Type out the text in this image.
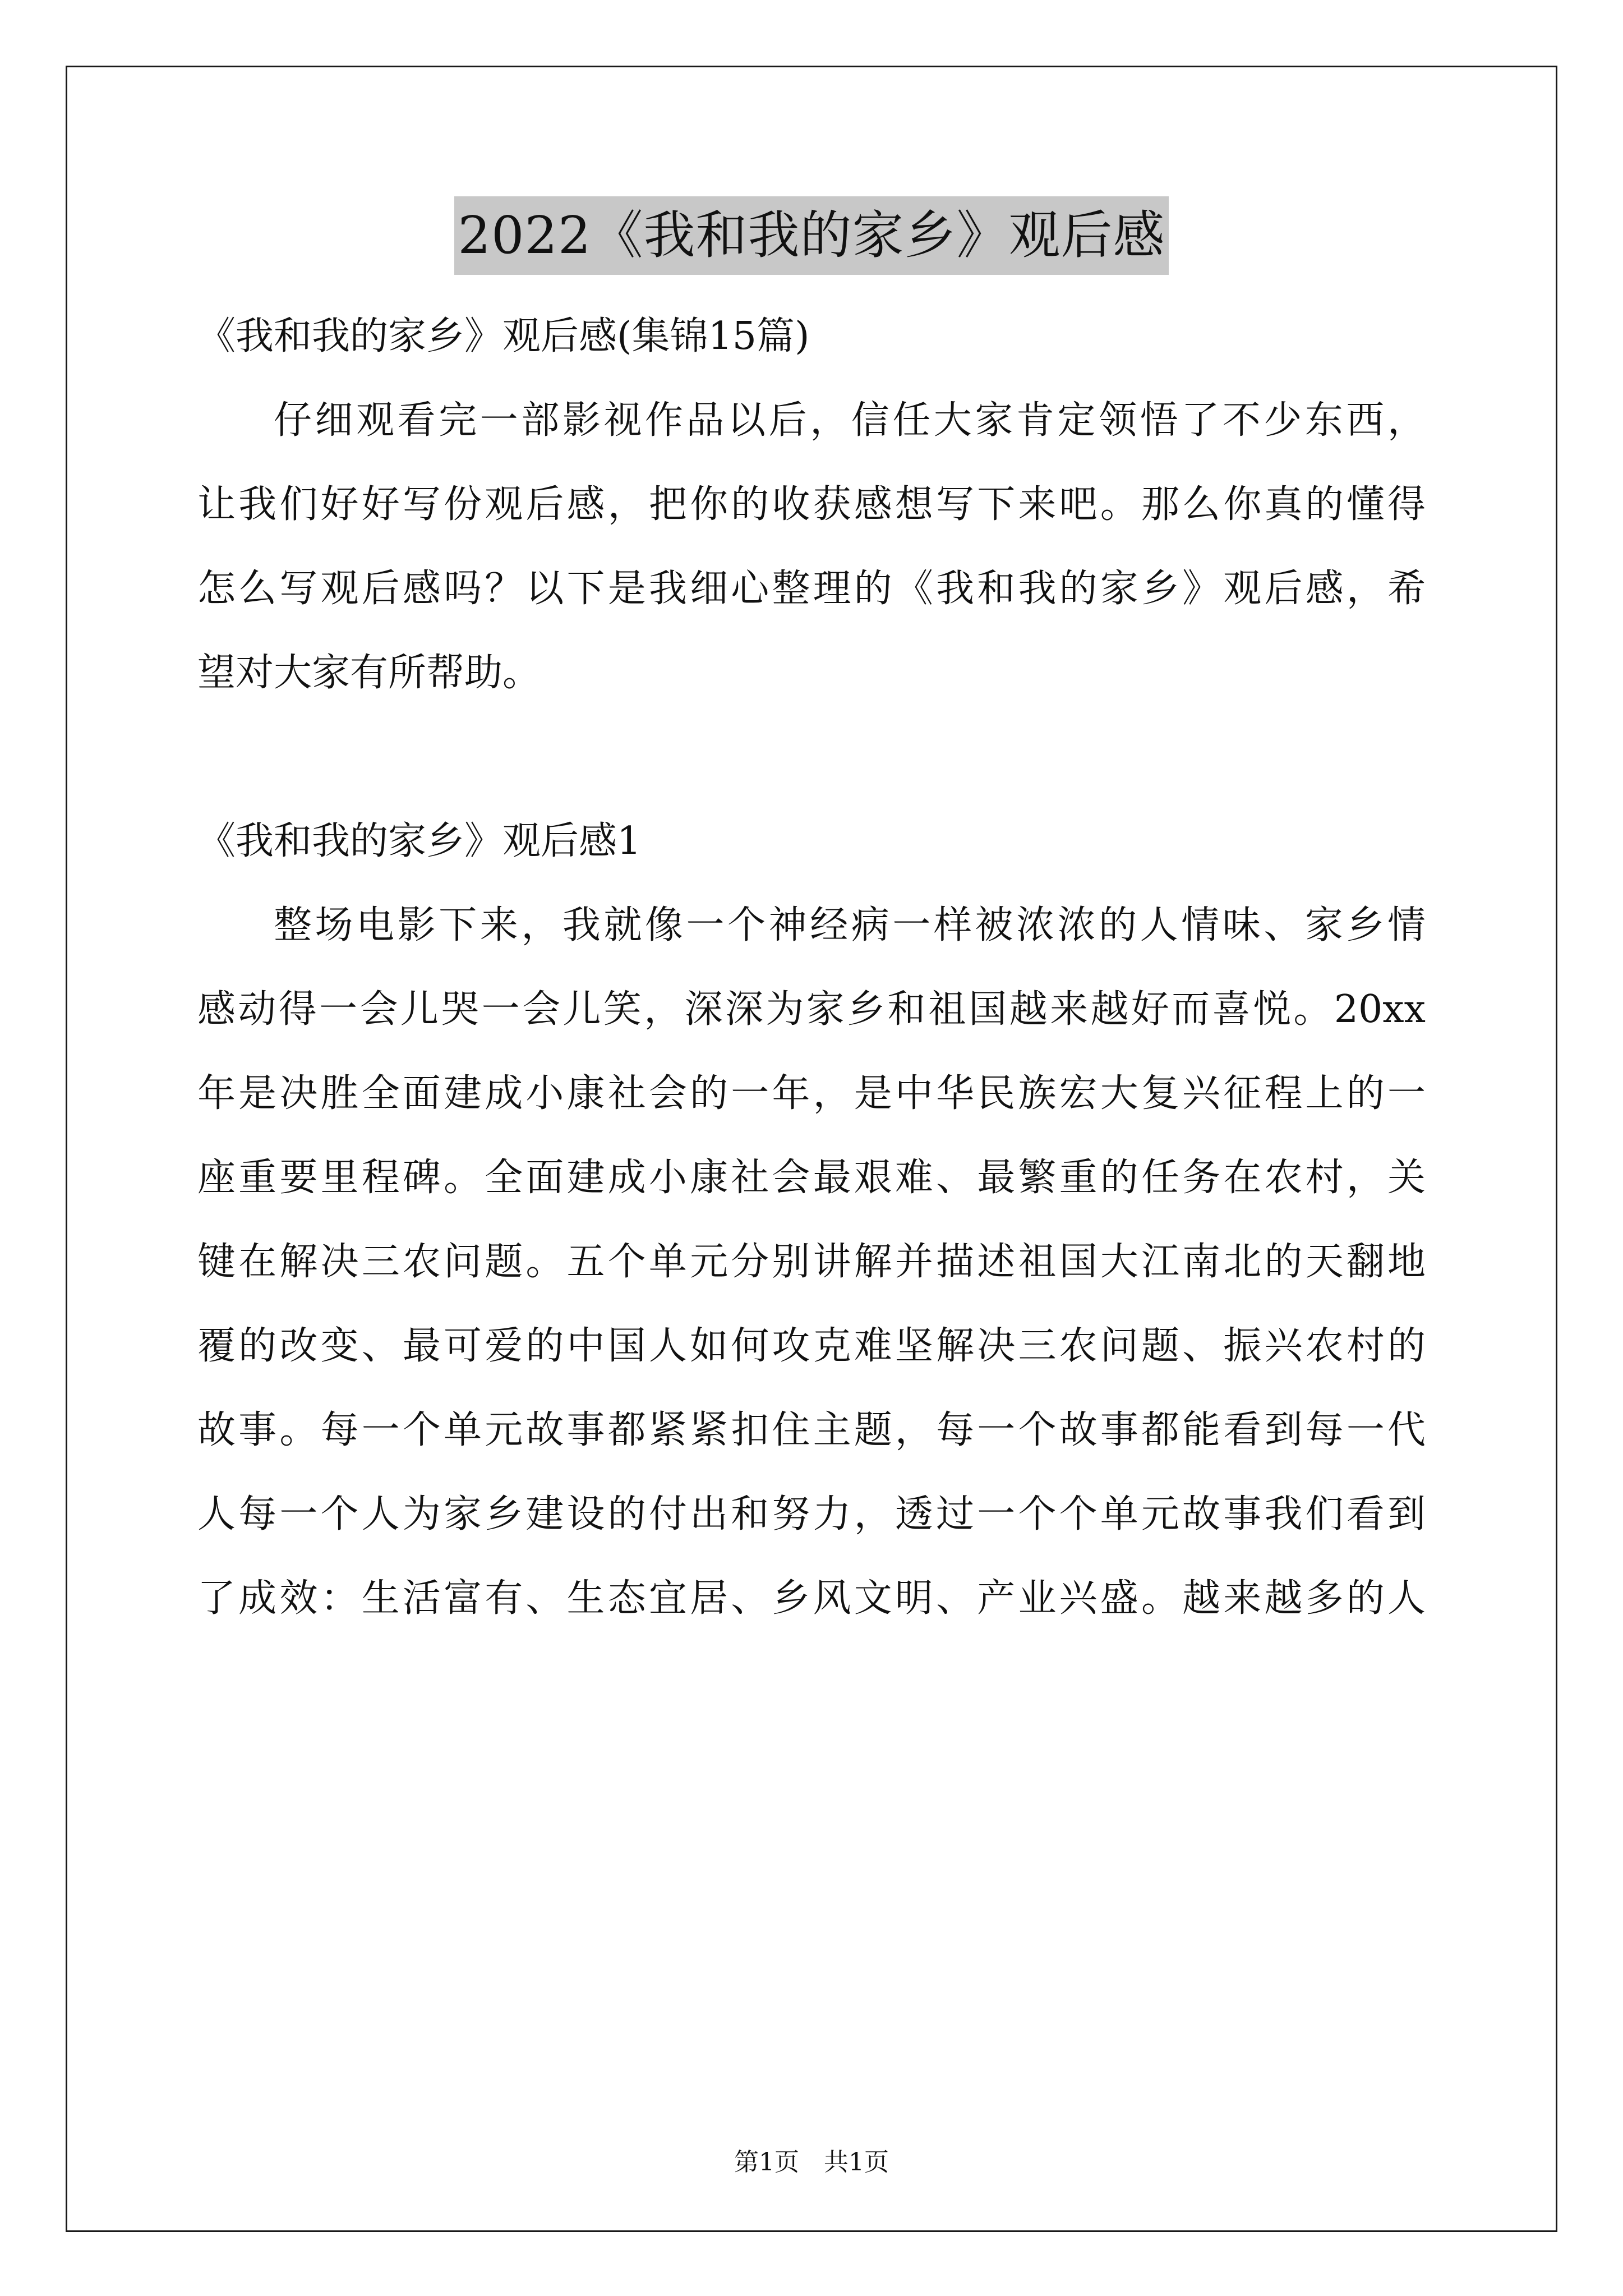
2022《我和我的家乡》观后感

《我和我的家乡》观后感(集锦15篇)

仔细观看完一部影视作品以后，信任大家肯定领悟了不少东西，

让我们好好写份观后感，把你的收获感想写下来吧。那么你真的懂得

怎么写观后感吗？以下是我细心整理的《我和我的家乡》观后感，希

望对大家有所帮助。

《我和我的家乡》观后感1

整场电影下来，我就像一个神经病一样被浓浓的人情味、家乡情

感动得一会儿哭一会儿笑，深深为家乡和祖国越来越好而喜悦。20xx

年是决胜全面建成小康社会的一年，是中华民族宏大复兴征程上的一

座重要里程碑。全面建成小康社会最艰难、最繁重的任务在农村，关

键在解决三农问题。五个单元分别讲解并描述祖国大江南北的天翻地

覆的改变、最可爱的中国人如何攻克难坚解决三农问题、振兴农村的

故事。每一个单元故事都紧紧扣住主题，每一个故事都能看到每一代

人每一个人为家乡建设的付出和努力，透过一个个单元故事我们看到

了成效：生活富有、生态宜居、乡风文明、产业兴盛。越来越多的人

第1页　共1页
